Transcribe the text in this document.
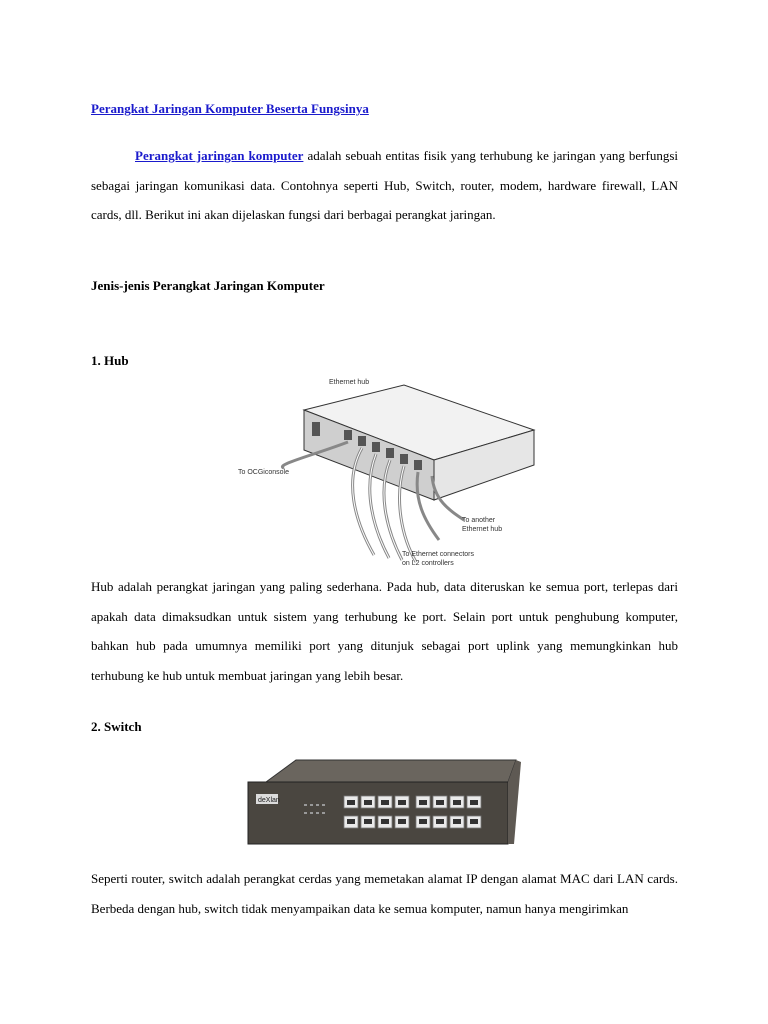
Perangkat Jaringan Komputer Beserta Fungsinya
Perangkat jaringan komputer adalah sebuah entitas fisik yang terhubung ke jaringan yang berfungsi sebagai jaringan komunikasi data. Contohnya seperti Hub, Switch, router, modem, hardware firewall, LAN cards, dll. Berikut ini akan dijelaskan fungsi dari berbagai perangkat jaringan.
Jenis-jenis Perangkat Jaringan Komputer
1. Hub
Ethernet hub
To OCGiconsole
To another
Ethernet hub
To Ethernet connectors
on L2 controllers
Hub adalah perangkat jaringan yang paling sederhana. Pada hub, data diteruskan ke semua port, terlepas dari apakah data dimaksudkan untuk sistem yang terhubung ke port. Selain port untuk penghubung komputer, bahkan hub pada umumnya memiliki port yang ditunjuk sebagai port uplink yang memungkinkan hub terhubung ke hub untuk membuat jaringan yang lebih besar.
2. Switch
deXlan
Seperti router, switch adalah perangkat cerdas yang memetakan alamat IP dengan alamat MAC dari LAN cards. Berbeda dengan hub, switch tidak menyampaikan data ke semua komputer, namun hanya mengirimkan
